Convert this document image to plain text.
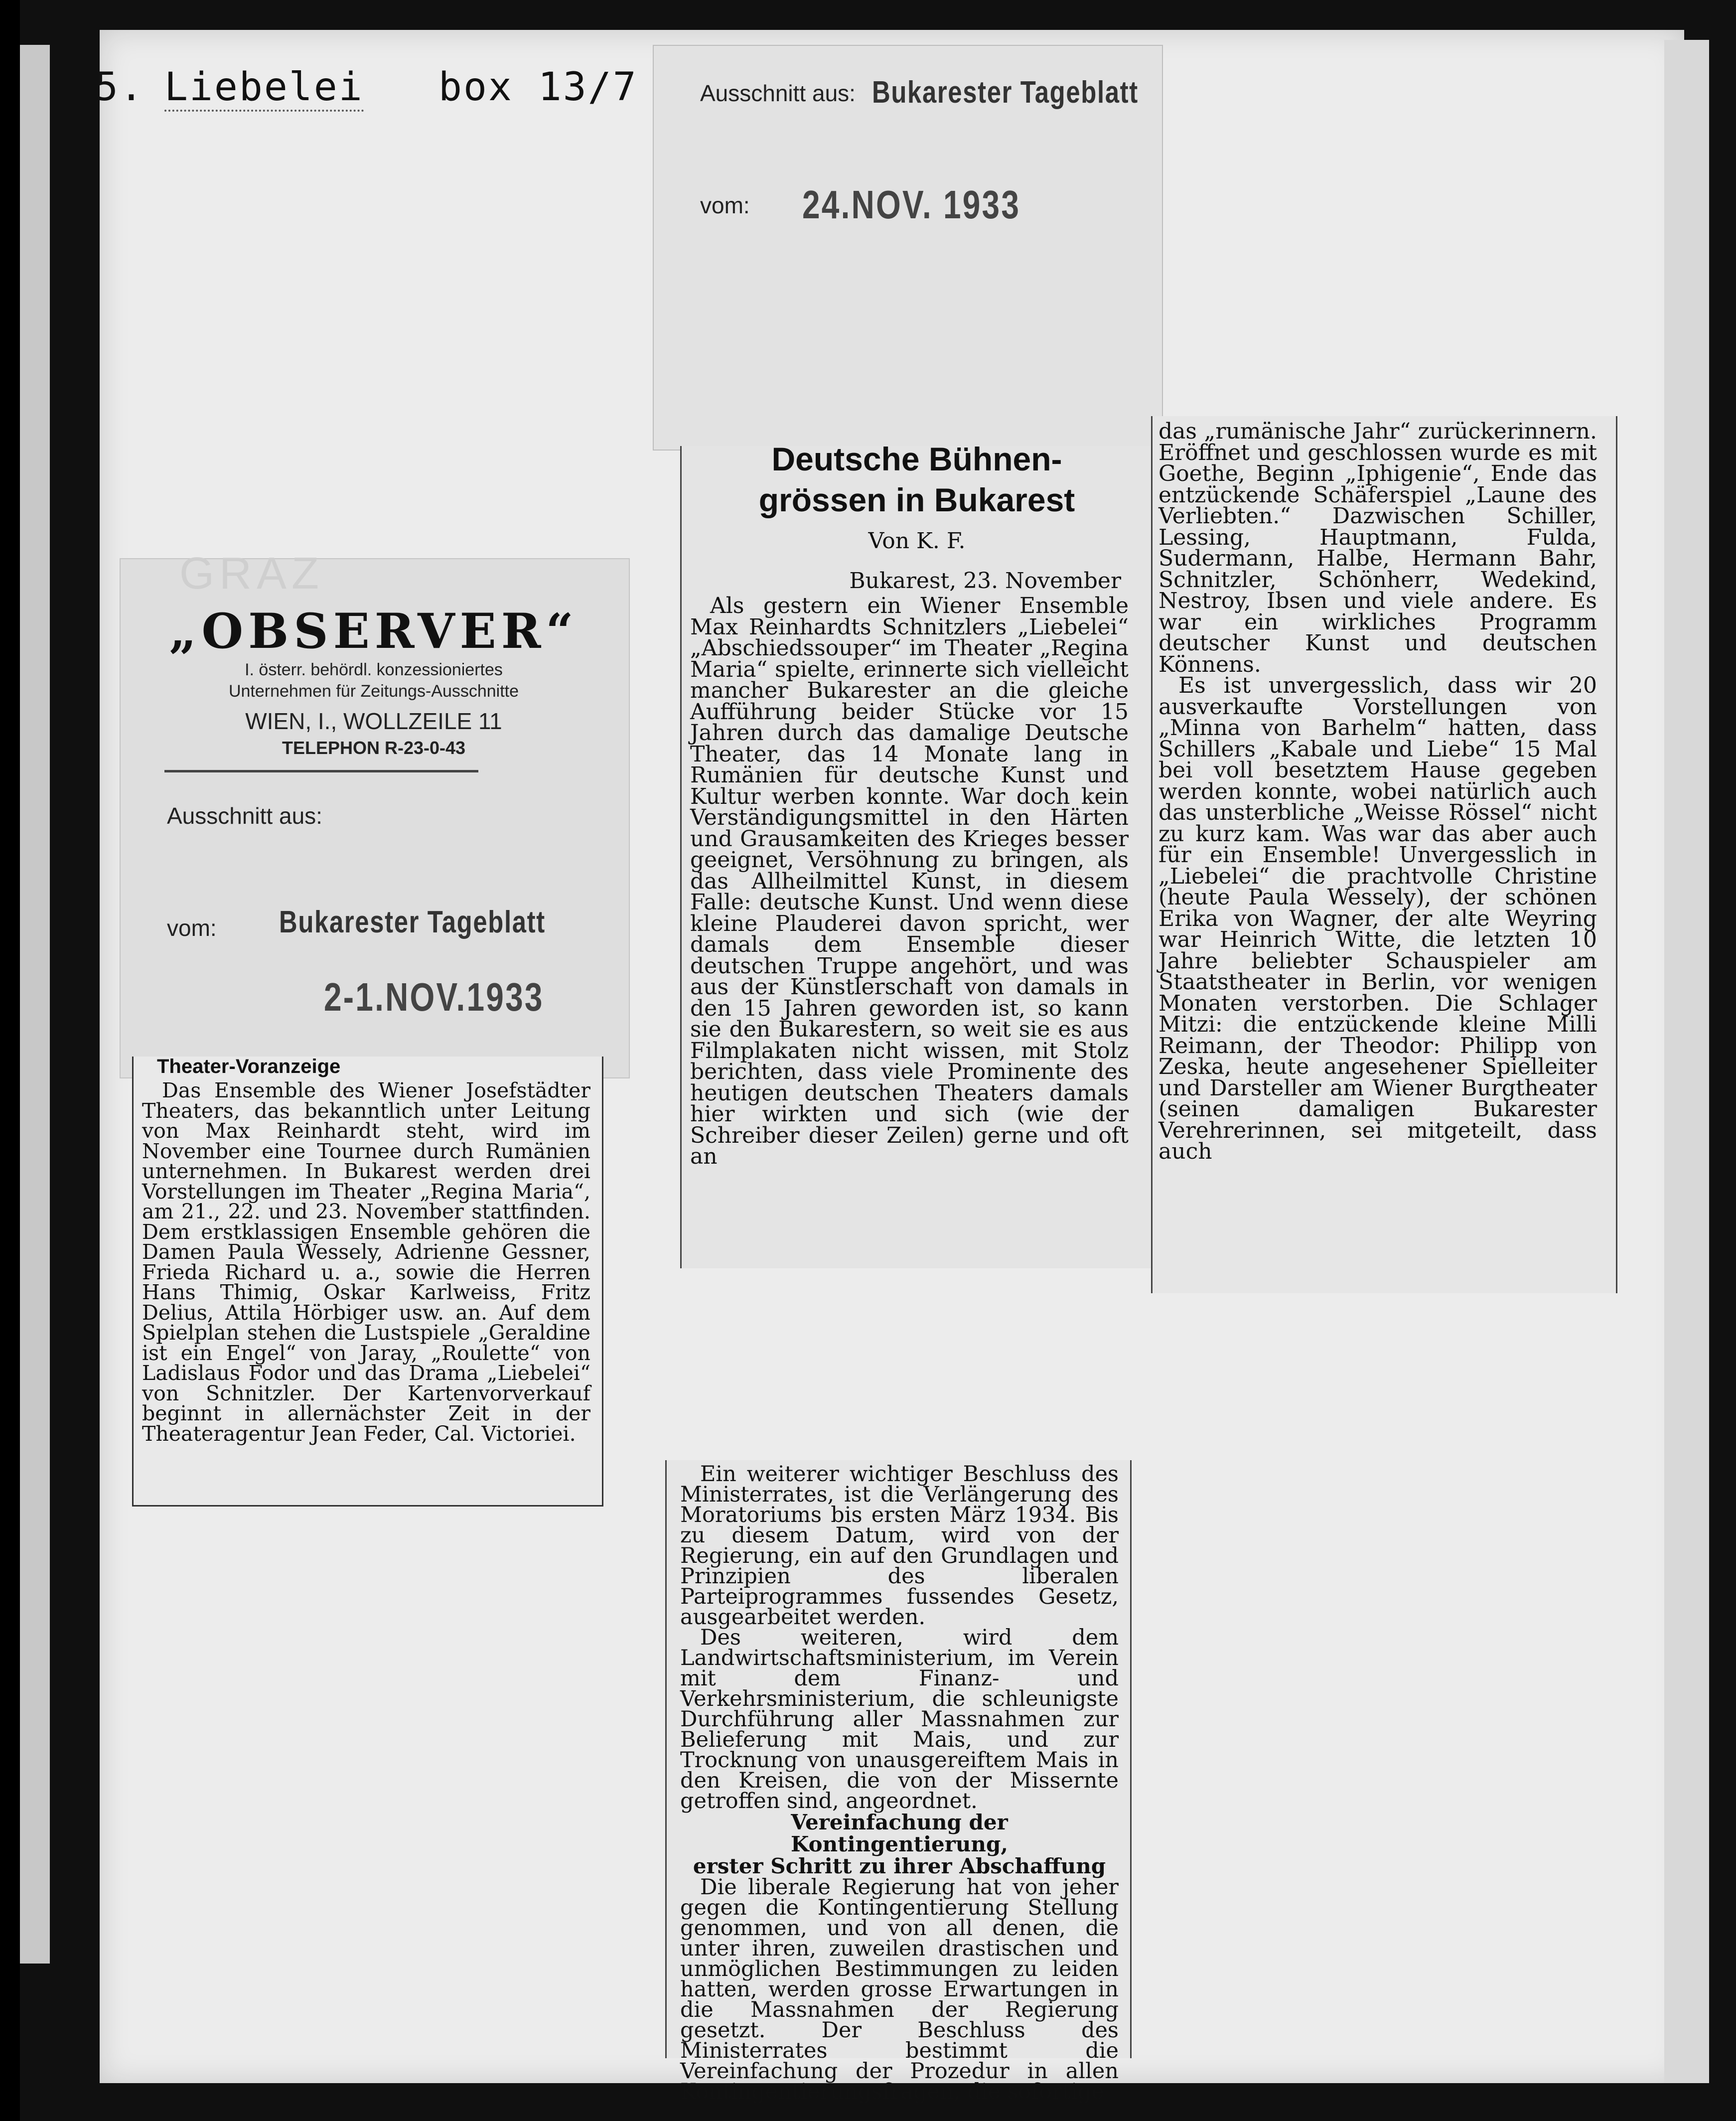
5. Liebelei box 13/7	Ausschnitt aus: Bukarester Tageblatt
vom: 24.NOV. 1933
GRAZ
„OBSERVER“
I. österr. behördl. konzessioniertes
Unternehmen für Zeitungs-Ausschnitte
WIEN, I., WOLLZEILE 11
TELEPHON R-23-0-43
Ausschnitt aus:
vom: Bukarester Tageblatt
2-1.NOV.1933
Theater-Voranzeige
Das Ensemble des Wiener Josefstädter Theaters, das bekanntlich unter Leitung von Max Reinhardt steht, wird im November eine Tournee durch Rumänien unternehmen. In Bukarest werden drei Vorstellungen im Theater „Regina Maria“, am 21., 22. und 23. November stattfinden. Dem erstklassigen Ensemble gehören die Damen Paula Wessely, Adrienne Gessner, Frieda Richard u. a., sowie die Herren Hans Thimig, Oskar Karlweiss, Fritz Delius, Attila Hörbiger usw. an. Auf dem Spielplan stehen die Lustspiele „Geraldine ist ein Engel“ von Jaray, „Roulette“ von Ladislaus Fodor und das Drama „Liebelei“ von Schnitzler. Der Kartenvorverkauf beginnt in allernächster Zeit in der Theateragentur Jean Feder, Cal. Victoriei.
Deutsche Bühnen-
grössen in Bukarest
Von K. F.
Bukarest, 23. November
Als gestern ein Wiener Ensemble Max Reinhardts Schnitzlers „Liebelei“ „Abschiedssouper“ im Theater „Regina Maria“ spielte, erinnerte sich vielleicht mancher Bukarester an die gleiche Aufführung beider Stücke vor 15 Jahren durch das damalige Deutsche Theater, das 14 Monate lang in Rumänien für deutsche Kunst und Kultur werben konnte. War doch kein Verständigungsmittel in den Härten und Grausamkeiten des Krieges besser geeignet, Versöhnung zu bringen, als das Allheilmittel Kunst, in diesem Falle: deutsche Kunst. Und wenn diese kleine Plauderei davon spricht, wer damals dem Ensemble dieser deutschen Truppe angehört, und was aus der Künstlerschaft von damals in den 15 Jahren geworden ist, so kann sie den Bukarestern, so weit sie es aus Filmplakaten nicht wissen, mit Stolz berichten, dass viele Prominente des heutigen deutschen Theaters damals hier wirkten und sich (wie der Schreiber dieser Zeilen) gerne und oft an

das „rumänische Jahr“ zurückerinnern. Eröffnet und geschlossen wurde es mit Goethe, Beginn „Iphigenie“, Ende das entzückende Schäferspiel „Laune des Verliebten.“ Dazwischen Schiller, Lessing, Hauptmann, Fulda, Sudermann, Halbe, Hermann Bahr, Schnitzler, Schönherr, Wedekind, Nestroy, Ibsen und viele andere. Es war ein wirkliches Programm deutscher Kunst und deutschen Könnens.

Es ist unvergesslich, dass wir 20 ausverkaufte Vorstellungen von „Minna von Barhelm“ hatten, dass Schillers „Kabale und Liebe“ 15 Mal bei voll besetztem Hause gegeben werden konnte, wobei natürlich auch das unsterbliche „Weisse Rössel“ nicht zu kurz kam. Was war das aber auch für ein Ensemble! Unvergesslich in „Liebelei“ die prachtvolle Christine (heute Paula Wessely), der schönen Erika von Wagner, der alte Weyring war Heinrich Witte, die letzten 10 Jahre beliebter Schauspieler am Staatstheater in Berlin, vor wenigen Monaten verstorben. Die Schlager Mitzi: die entzückende kleine Milli Reimann, der Theodor: Philipp von Zeska, heute angesehener Spielleiter und Darsteller am Wiener Burgtheater (seinen damaligen Bukarester Verehrerinnen, sei mitgeteilt, dass auch

Ein weiterer wichtiger Beschluss des Ministerrates, ist die Verlängerung des Moratoriums bis ersten März 1934. Bis zu diesem Datum, wird von der Regierung, ein auf den Grundlagen und Prinzipien des liberalen Parteiprogrammes fussendes Gesetz, ausgearbeitet werden.

Des weiteren, wird dem Landwirtschaftsministerium, im Verein mit dem Finanz- und Verkehrsministerium, die schleunigste Durchführung aller Massnahmen zur Belieferung mit Mais, und zur Trocknung von unausgereiftem Mais in den Kreisen, die von der Missernte getroffen sind, angeordnet.

Vereinfachung der Kontingentierung,
erster Schritt zu ihrer Abschaffung

Die liberale Regierung hat von jeher gegen die Kontingentierung Stellung genommen, und von all denen, die unter ihren, zuweilen drastischen und unmöglichen Bestimmungen zu leiden hatten, werden grosse Erwartungen in die Massnahmen der Regierung gesetzt. Der Beschluss des Ministerrates bestimmt die Vereinfachung der Prozedur in allen Kontingentierungsfragen, die sofortige
